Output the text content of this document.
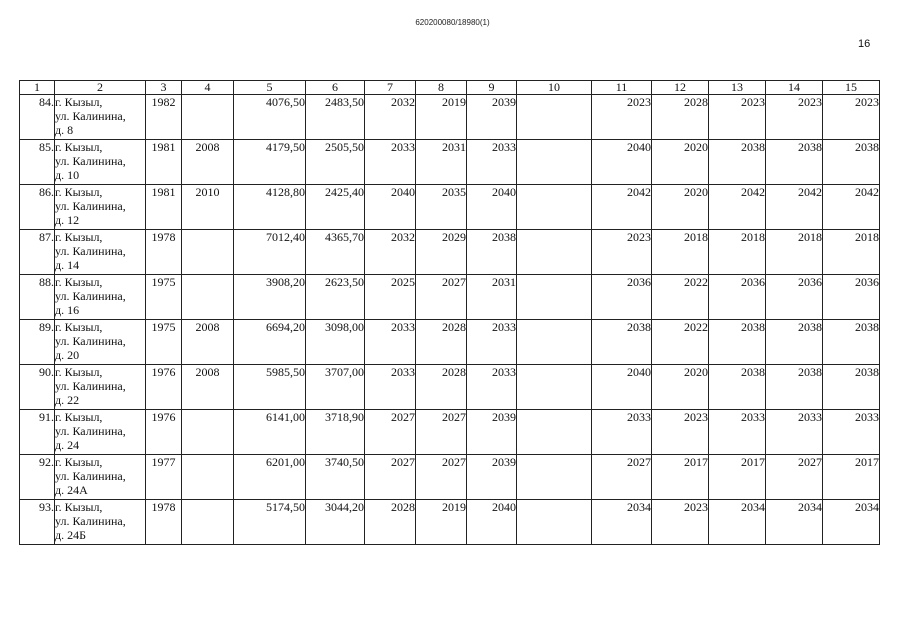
620200080/18980(1)
16
1	2	3	4	5	6	7	8	9	10	11	12	13	14	15
84.	г. Кызыл,
ул. Калинина,
д. 8	1982		4076,50	2483,50	2032	2019	2039		2023	2028	2023	2023	2023
85.	г. Кызыл,
ул. Калинина,
д. 10	1981	2008	4179,50	2505,50	2033	2031	2033		2040	2020	2038	2038	2038
86.	г. Кызыл,
ул. Калинина,
д. 12	1981	2010	4128,80	2425,40	2040	2035	2040		2042	2020	2042	2042	2042
87.	г. Кызыл,
ул. Калинина,
д. 14	1978		7012,40	4365,70	2032	2029	2038		2023	2018	2018	2018	2018
88.	г. Кызыл,
ул. Калинина,
д. 16	1975		3908,20	2623,50	2025	2027	2031		2036	2022	2036	2036	2036
89.	г. Кызыл,
ул. Калинина,
д. 20	1975	2008	6694,20	3098,00	2033	2028	2033		2038	2022	2038	2038	2038
90.	г. Кызыл,
ул. Калинина,
д. 22	1976	2008	5985,50	3707,00	2033	2028	2033		2040	2020	2038	2038	2038
91.	г. Кызыл,
ул. Калинина,
д. 24	1976		6141,00	3718,90	2027	2027	2039		2033	2023	2033	2033	2033
92.	г. Кызыл,
ул. Калинина,
д. 24А	1977		6201,00	3740,50	2027	2027	2039		2027	2017	2017	2027	2017
93.	г. Кызыл,
ул. Калинина,
д. 24Б	1978		5174,50	3044,20	2028	2019	2040		2034	2023	2034	2034	2034
